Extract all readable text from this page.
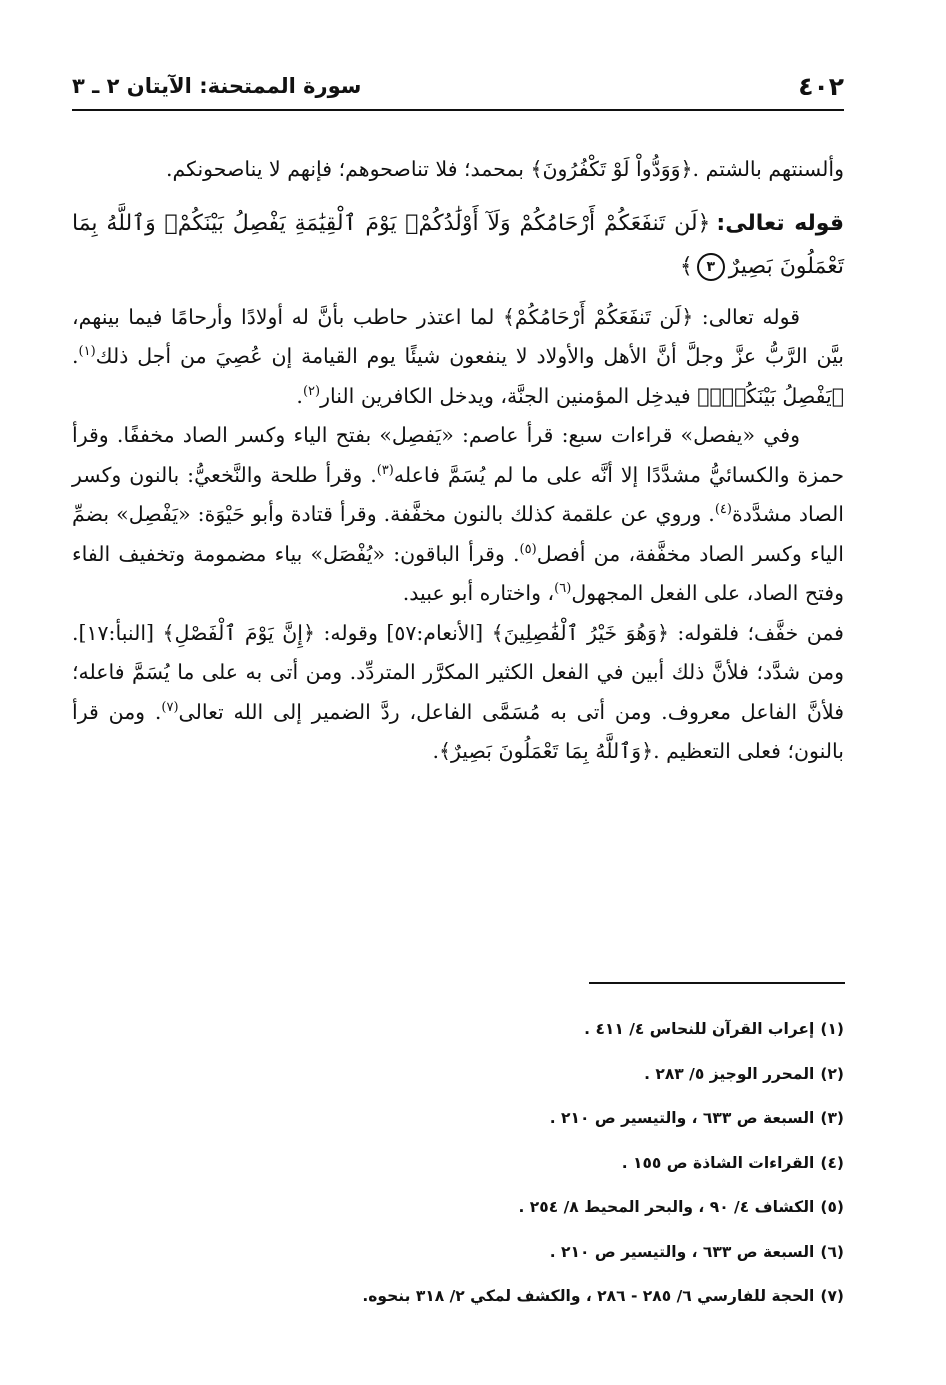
٤٠٢
سورة الممتحنة: الآيتان ٢ ـ ٣

وألسنتهم بالشتم .﴿وَوَدُّواْ لَوْ تَكْفُرُونَ﴾ بمحمد؛ فلا تناصحوهم؛ فإنهم لا يناصحونكم.

قوله تعالى:﴿لَن تَنفَعَكُمْ أَرْحَامُكُمْ وَلَآ أَوْلَٰدُكُمْۚ يَوْمَ ٱلْقِيَٰمَةِ يَفْصِلُ بَيْنَكُمْۚ وَٱللَّهُ بِمَا تَعْمَلُونَ بَصِيرٌ٣﴾

قوله تعالى: ﴿لَن تَنفَعَكُمْ أَرْحَامُكُمْ﴾ لما اعتذر حاطب بأنَّ له أولادًا وأرحامًا فيما بينهم، بيَّن الرَّبُّ عزَّ وجلَّ أنَّ الأهل والأولاد لا ينفعون شيئًا يوم القيامة إن عُصِيَ من أجل ذلك$^{(١)}$.﴿يَفْصِلُ بَيْنَكُمْۚ﴾ فيدخِل المؤمنين الجنَّة، ويدخل الكافرين النار$^{(٢)}$.

وفي «يفصل» قراءات سبع: قرأ عاصم: «يَفصِل» بفتح الياء وكسر الصاد مخففًا. وقرأ حمزة والكسائيُّ مشدَّدًا إلا أنَّه على ما لم يُسَمَّ فاعله$^{(٣)}$. وقرأ طلحة والنَّخعيُّ: بالنون وكسر الصاد مشدَّدة$^{(٤)}$. وروي عن علقمة كذلك بالنون مخفَّفة. وقرأ قتادة وأبو حَيْوَة: «يَفْصِل» بضمِّ الياء وكسر الصاد مخفَّفة، من أفصل$^{(٥)}$. وقرأ الباقون: «يُفْصَل» بياء مضمومة وتخفيف الفاء وفتح الصاد، على الفعل المجهول$^{(٦)}$، واختاره أبو عبيد.

فمن خفَّف؛ فلقوله: ﴿وَهُوَ خَيْرُ ٱلْفَٰصِلِينَ﴾ [الأنعام:٥٧] وقوله: ﴿إِنَّ يَوْمَ ٱلْفَصْلِ﴾ [النبأ:١٧]. ومن شدَّد؛ فلأنَّ ذلك أبين في الفعل الكثير المكرَّر المتردِّد. ومن أتى به على ما يُسَمَّ فاعله؛ فلأنَّ الفاعل معروف. ومن أتى به مُسَمَّى الفاعل، ردَّ الضمير إلى الله تعالى$^{(٧)}$. ومن قرأ بالنون؛ فعلى التعظيم .﴿وَٱللَّهُ بِمَا تَعْمَلُونَ بَصِيرٌ﴾.

(١)إعراب القرآن للنحاس ٤/ ٤١١ .
(٢)المحرر الوجيز ٥/ ٢٨٣ .
(٣)السبعة ص ٦٣٣ ، والتيسير ص ٢١٠ .
(٤)القراءات الشاذة ص ١٥٥ .
(٥)الكشاف ٤/ ٩٠ ، والبحر المحيط ٨/ ٢٥٤ .
(٦)السبعة ص ٦٣٣ ، والتيسير ص ٢١٠ .
(٧)الحجة للفارسي ٦/ ٢٨٥ - ٢٨٦ ، والكشف لمكي ٢/ ٣١٨ بنحوه.
